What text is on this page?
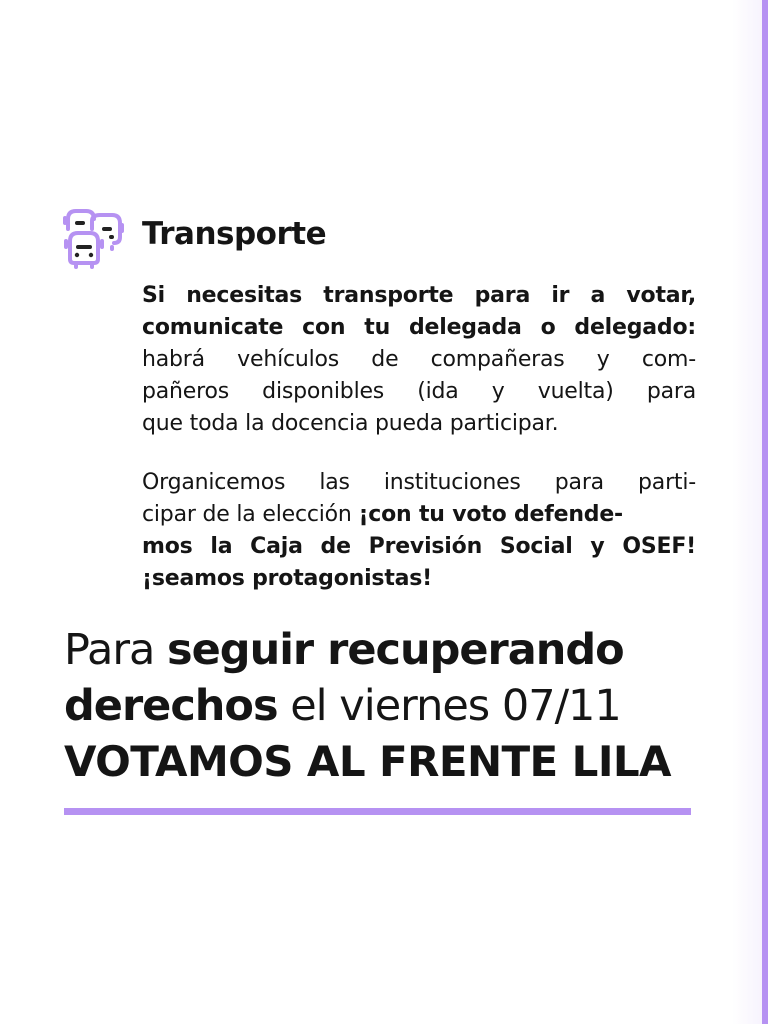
Transporte

Si necesitas transporte para ir a votar,
comunicate con tu delegada o delegado:
habrá vehículos de compañeras y com-
pañeros disponibles (ida y vuelta) para
que toda la docencia pueda participar.

Organicemos las instituciones para parti-
cipar de la elección ¡con tu voto defende-
mos la Caja de Previsión Social y OSEF!
¡seamos protagonistas!

Para seguir recuperando
derechos el viernes 07/11
VOTAMOS AL FRENTE LILA
